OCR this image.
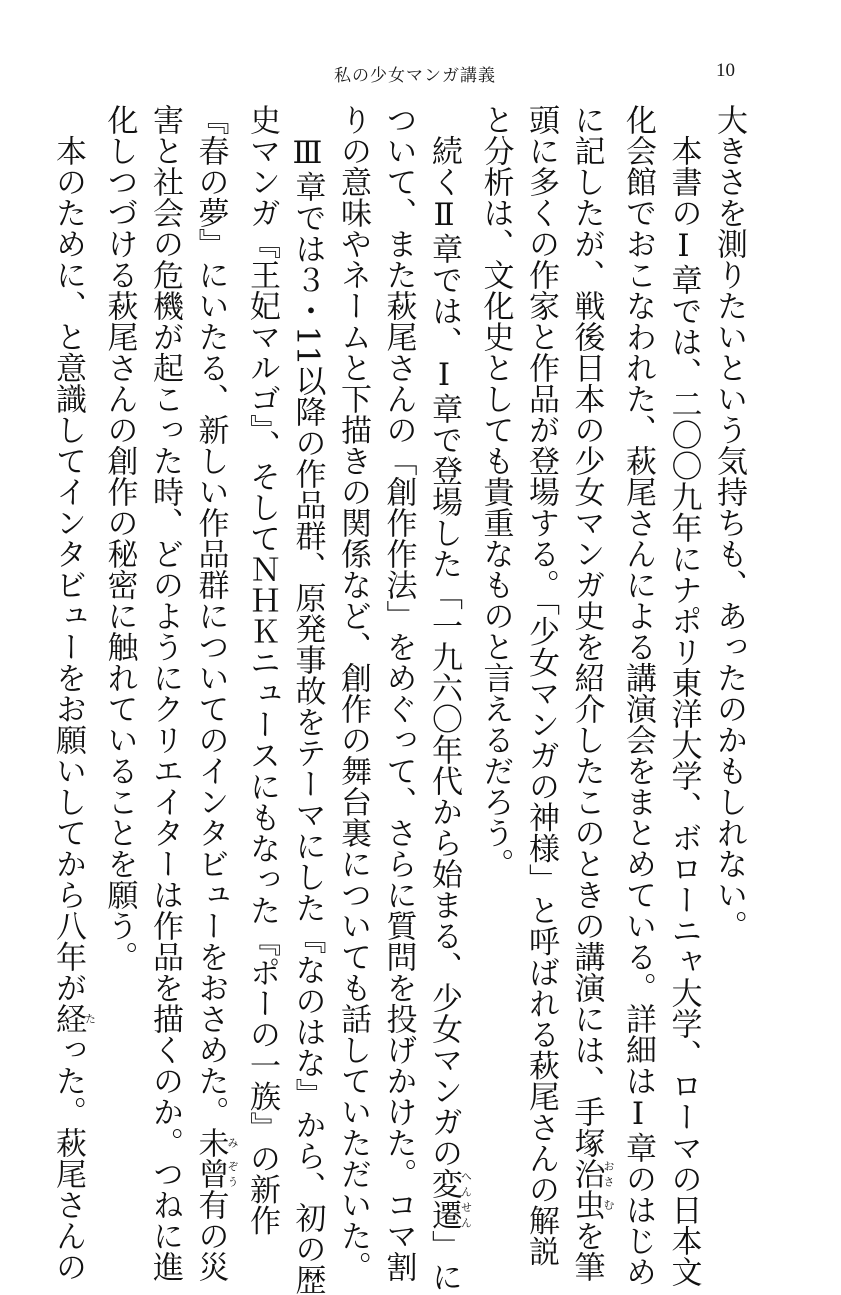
私の少女マンガ講義	10
大きさを測りたいという気持ちも、あったのかもしれない。
本書のⅠ章では、二〇〇九年にナポリ東洋大学、ボローニャ大学、ローマの日本文
化会館でおこなわれた、萩尾さんによる講演会をまとめている。詳細はⅠ章のはじめ
に記したが、戦後日本の少女マンガ史を紹介したこのときの講演には、手塚治おさ虫むを筆
頭に多くの作家と作品が登場する。「少女マンガの神様」と呼ばれる萩尾さんの解説
と分析は、文化史としても貴重なものと言えるだろう。
続くⅡ章では、Ⅰ章で登場した「一九六〇年代から始まる、少女マンガの変遷へんせん」に
ついて、また萩尾さんの「創作作法」をめぐって、さらに質問を投げかけた。コマ割
りの意味やネームと下描きの関係など、創作の舞台裏についても話していただいた。
Ⅲ章では３・11以降の作品群、原発事故をテーマにした『なのはな』から、初の歴
史マンガ『王妃マルゴ』、そしてＮＨＫニュースにもなった『ポーの一族』の新作
『春の夢』にいたる、新しい作品群についてのインタビューをおさめた。未み曾ぞう有の災
害と社会の危機が起こった時、どのようにクリエイターは作品を描くのか。つねに進
化しつづける萩尾さんの創作の秘密に触れていることを願う。
本のために、と意識してインタビューをお願いしてから八年が経たった。萩尾さんの
